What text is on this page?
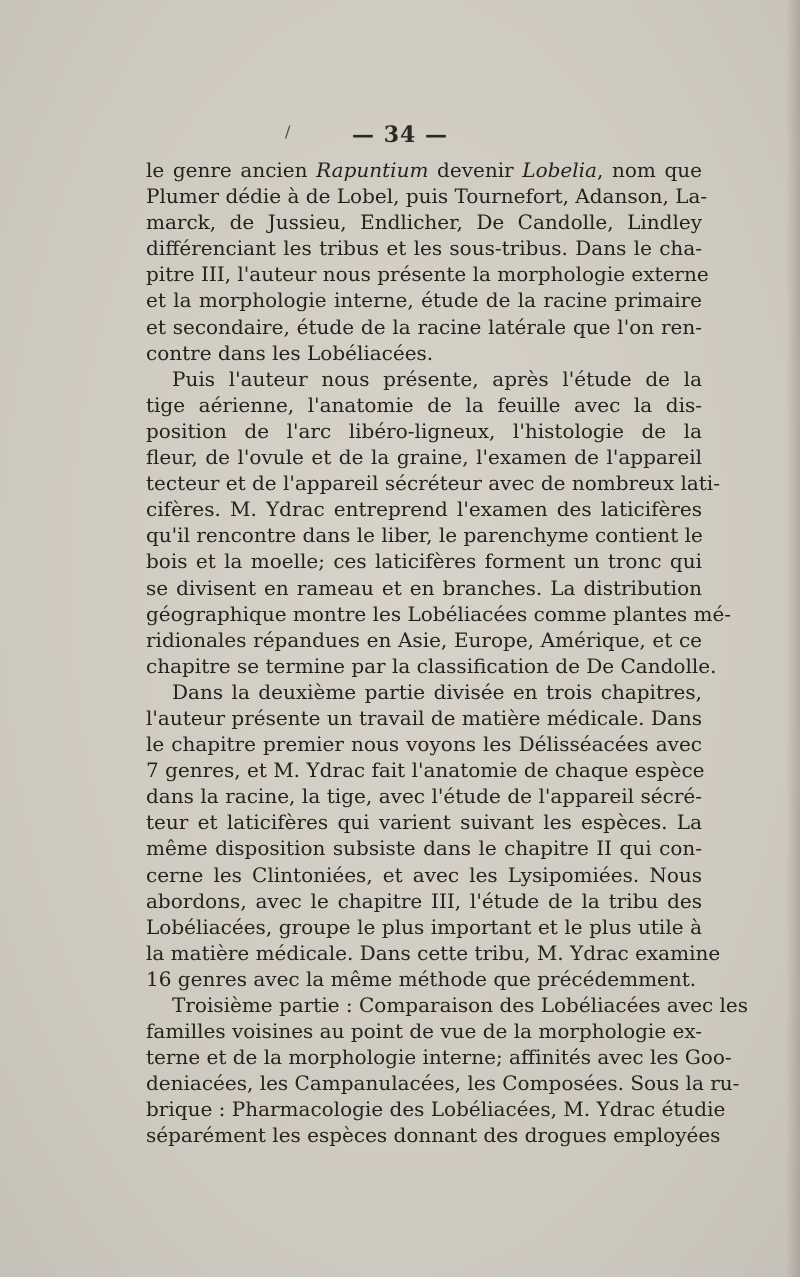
/	— 34 —
le genre ancien Rapuntium devenir Lobelia, nom que
Plumer dédie à de Lobel, puis Tournefort, Adanson, La-
marck, de Jussieu, Endlicher, De Candolle, Lindley
différenciant les tribus et les sous-tribus. Dans le cha-
pitre III, l'auteur nous présente la morphologie externe
et la morphologie interne, étude de la racine primaire
et secondaire, étude de la racine latérale que l'on ren-
contre dans les Lobéliacées.
Puis l'auteur nous présente, après l'étude de la
tige aérienne, l'anatomie de la feuille avec la dis-
position de l'arc libéro-ligneux, l'histologie de la
fleur, de l'ovule et de la graine, l'examen de l'appareil
tecteur et de l'appareil sécréteur avec de nombreux lati-
cifères. M. Ydrac entreprend l'examen des laticifères
qu'il rencontre dans le liber, le parenchyme contient le
bois et la moelle; ces laticifères forment un tronc qui
se divisent en rameau et en branches. La distribution
géographique montre les Lobéliacées comme plantes mé-
ridionales répandues en Asie, Europe, Amérique, et ce
chapitre se termine par la classification de De Candolle.
Dans la deuxième partie divisée en trois chapitres,
l'auteur présente un travail de matière médicale. Dans
le chapitre premier nous voyons les Délisséacées avec
7 genres, et M. Ydrac fait l'anatomie de chaque espèce
dans la racine, la tige, avec l'étude de l'appareil sécré-
teur et laticifères qui varient suivant les espèces. La
même disposition subsiste dans le chapitre II qui con-
cerne les Clintoniées, et avec les Lysipomiées. Nous
abordons, avec le chapitre III, l'étude de la tribu des
Lobéliacées, groupe le plus important et le plus utile à
la matière médicale. Dans cette tribu, M. Ydrac examine
16 genres avec la même méthode que précédemment.
Troisième partie : Comparaison des Lobéliacées avec les
familles voisines au point de vue de la morphologie ex-
terne et de la morphologie interne; affinités avec les Goo-
deniacées, les Campanulacées, les Composées. Sous la ru-
brique : Pharmacologie des Lobéliacées, M. Ydrac étudie
séparément les espèces donnant des drogues employées
